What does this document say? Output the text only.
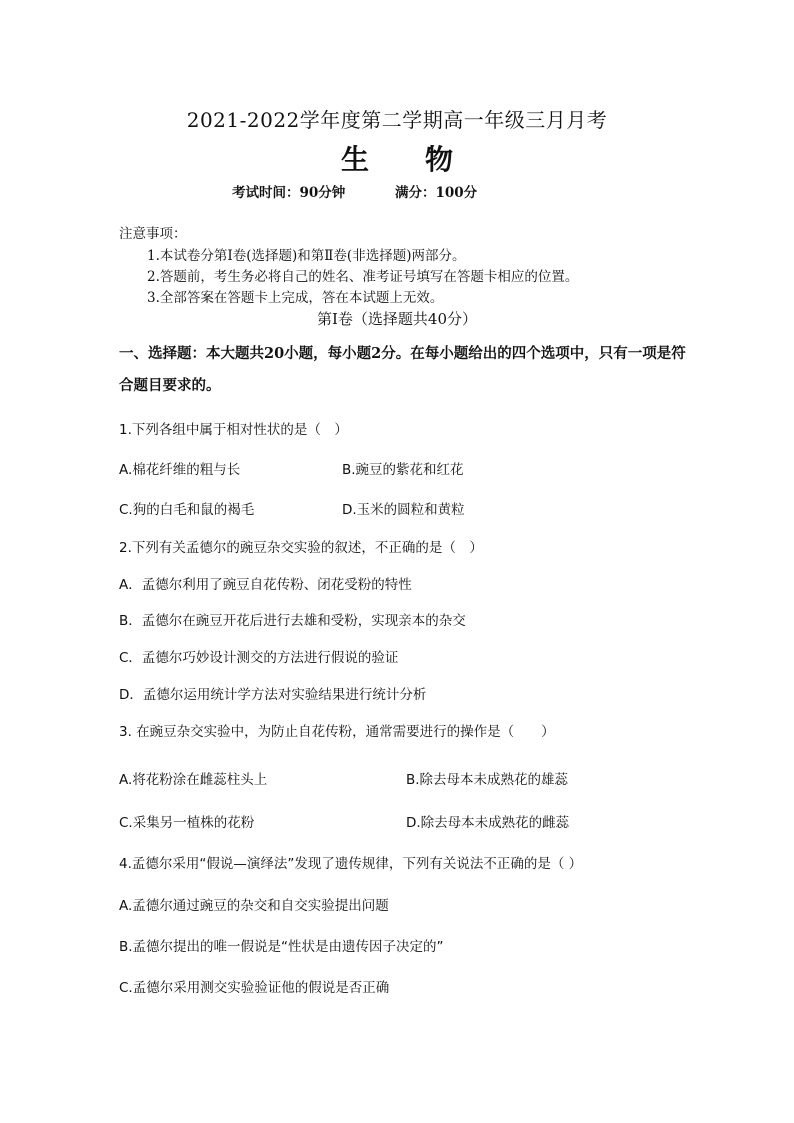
2021-2022学年度第二学期高一年级三月月考
生　　物
考试时间：90分钟	满分：100分
注意事项：
1.本试卷分第Ⅰ卷(选择题)和第Ⅱ卷(非选择题)两部分。
2.答题前，考生务必将自己的姓名、准考证号填写在答题卡相应的位置。
3.全部答案在答题卡上完成，答在本试题上无效。
第Ⅰ卷（选择题共40分）
一、选择题：本大题共20小题，每小题2分。在每小题给出的四个选项中，只有一项是符
合题目要求的。
1.下列各组中属于相对性状的是（　）
A.棉花纤维的粗与长	B.豌豆的紫花和红花
C.狗的白毛和鼠的褐毛	D.玉米的圆粒和黄粒
2.下列有关孟德尔的豌豆杂交实验的叙述，不正确的是（　）
A．孟德尔利用了豌豆自花传粉、闭花受粉的特性
B．孟德尔在豌豆开花后进行去雄和受粉，实现亲本的杂交
C．孟德尔巧妙设计测交的方法进行假说的验证
D．孟德尔运用统计学方法对实验结果进行统计分析
3. 在豌豆杂交实验中，为防止自花传粉，通常需要进行的操作是（　　）
A.将花粉涂在雌蕊柱头上	B.除去母本未成熟花的雄蕊
C.采集另一植株的花粉	D.除去母本未成熟花的雌蕊
4.孟德尔采用“假说—演绎法”发现了遗传规律，下列有关说法不正确的是（ ）
A.孟德尔通过豌豆的杂交和自交实验提出问题
B.孟德尔提出的唯一假说是“性状是由遗传因子决定的”
C.孟德尔采用测交实验验证他的假说是否正确
